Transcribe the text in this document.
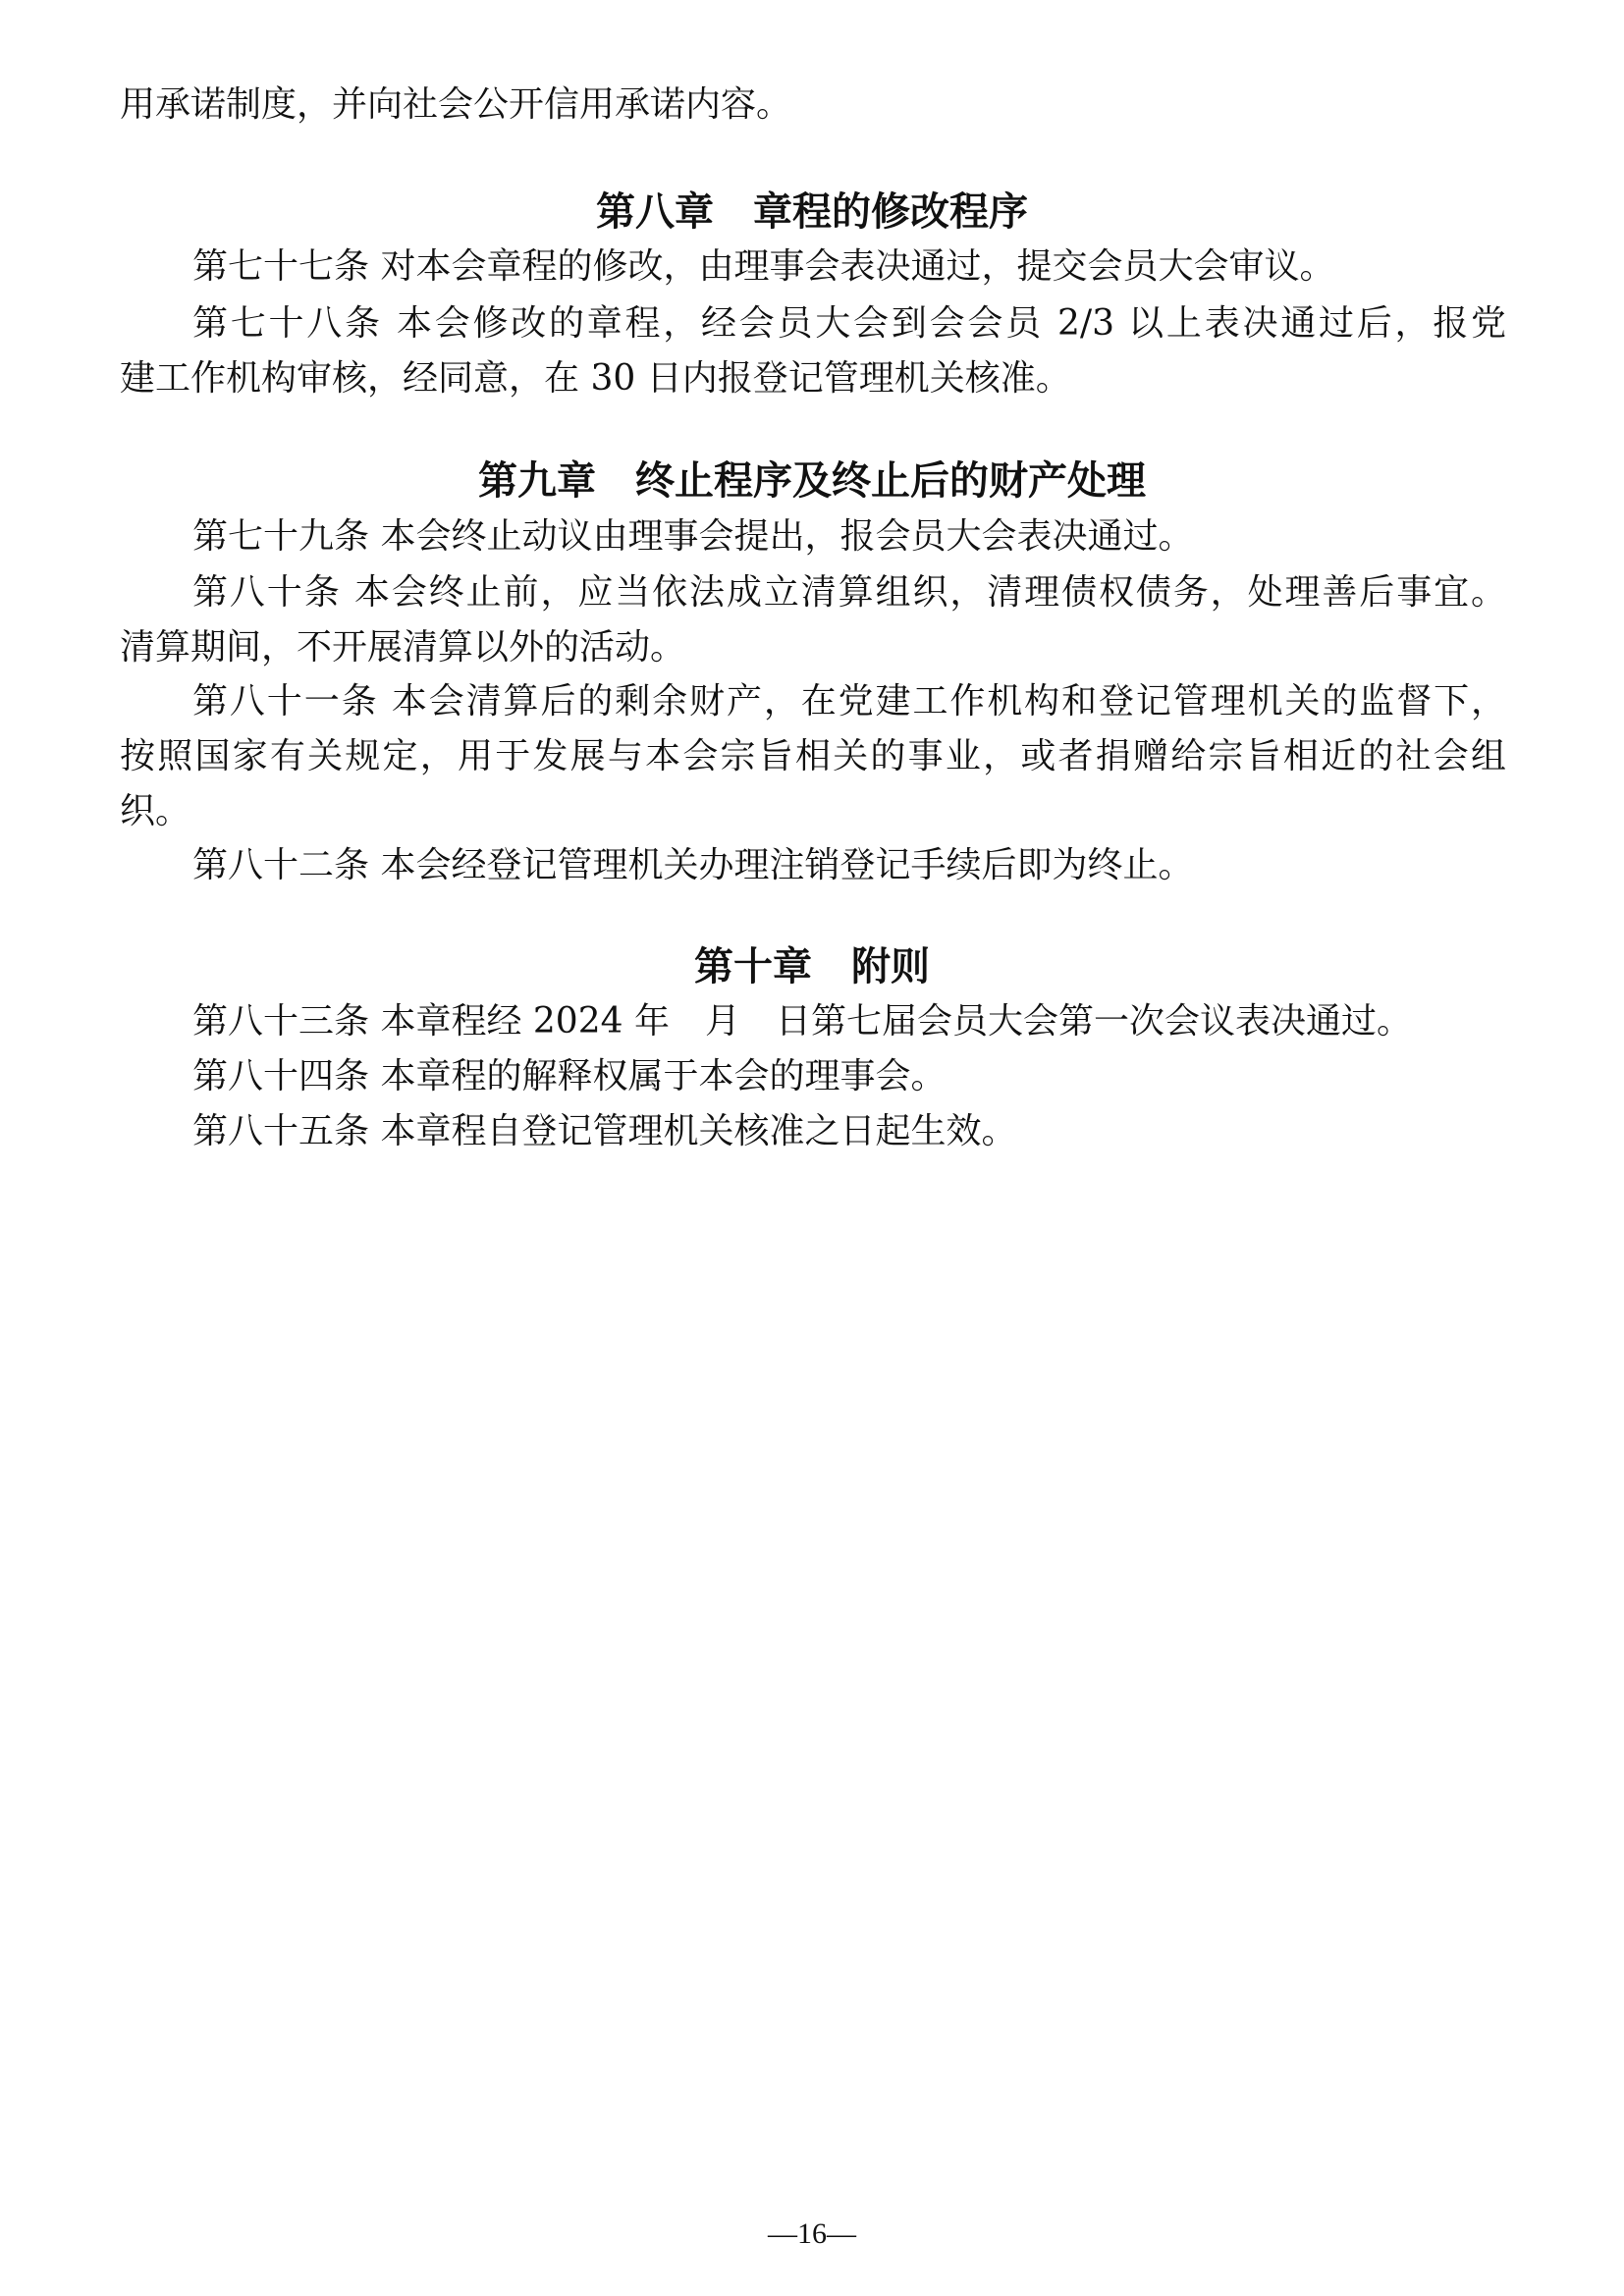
用承诺制度，并向社会公开信用承诺内容。
第八章　章程的修改程序
第七十七条 对本会章程的修改，由理事会表决通过，提交会员大会审议。
第七十八条 本会修改的章程，经会员大会到会会员 2/3 以上表决通过后，报党
建工作机构审核，经同意，在 30 日内报登记管理机关核准。
第九章　终止程序及终止后的财产处理
第七十九条 本会终止动议由理事会提出，报会员大会表决通过。
第八十条 本会终止前，应当依法成立清算组织，清理债权债务，处理善后事宜。
清算期间，不开展清算以外的活动。
第八十一条 本会清算后的剩余财产，在党建工作机构和登记管理机关的监督下，
按照国家有关规定，用于发展与本会宗旨相关的事业，或者捐赠给宗旨相近的社会组
织。
第八十二条 本会经登记管理机关办理注销登记手续后即为终止。
第十章　附则
第八十三条 本章程经 2024 年　月　日第七届会员大会第一次会议表决通过。
第八十四条 本章程的解释权属于本会的理事会。
第八十五条 本章程自登记管理机关核准之日起生效。
—16—
